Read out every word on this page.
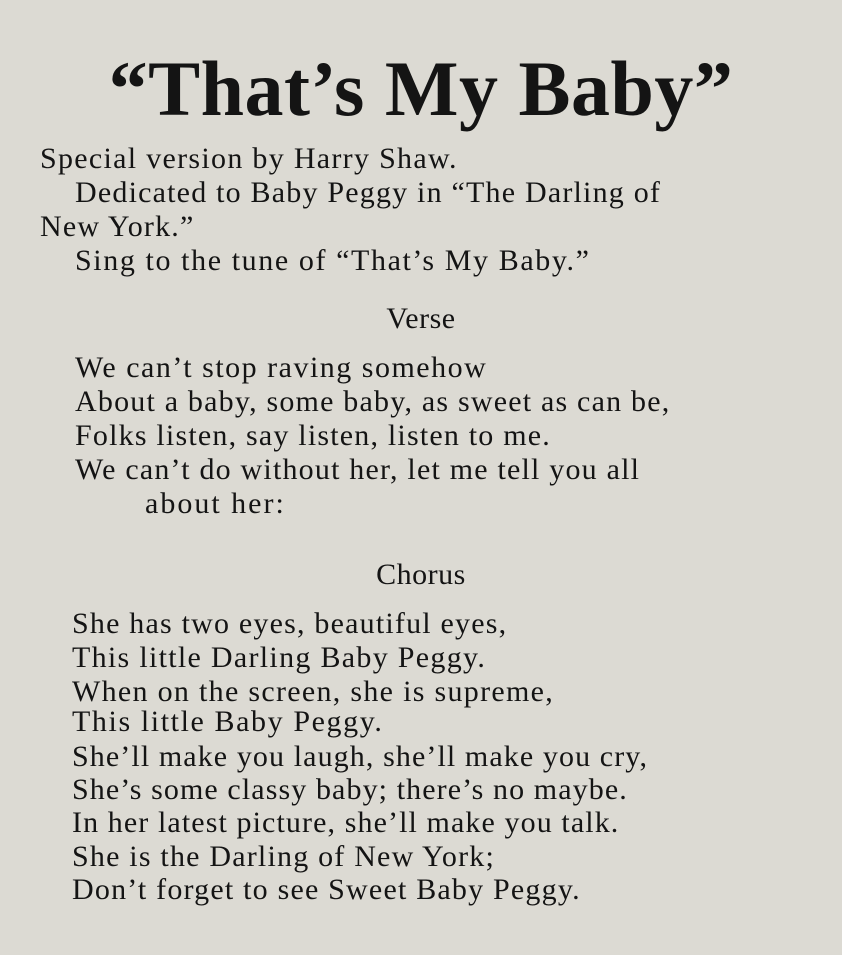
“That’s My Baby”

Special version by Harry Shaw.

Dedicated to Baby Peggy in “The Darling of

New York.”

Sing to the tune of “That’s My Baby.”

Verse

We can’t stop raving somehow

About a baby, some baby, as sweet as can be,

Folks listen, say listen, listen to me.

We can’t do without her, let me tell you all

about her:

Chorus

She has two eyes, beautiful eyes,

This little Darling Baby Peggy.

When on the screen, she is supreme,

This little Baby Peggy.

She’ll make you laugh, she’ll make you cry,

She’s some classy baby; there’s no maybe.

In her latest picture, she’ll make you talk.

She is the Darling of New York;

Don’t forget to see Sweet Baby Peggy.
